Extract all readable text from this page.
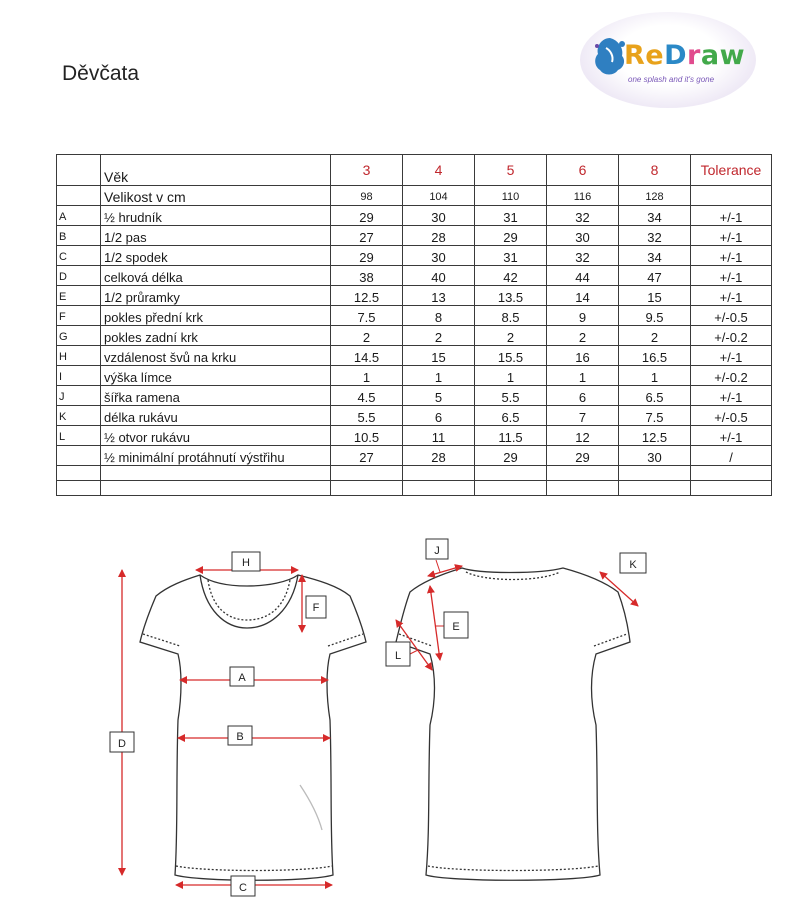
Děvčata
ReDraw
one splash and it's gone
	Věk	3	4	5	6	8	Tolerance
	Velikost v cm	98	104	110	116	128	
A	½ hrudník	29	30	31	32	34	+/-1
B	1/2 pas	27	28	29	30	32	+/-1
C	1/2 spodek	29	30	31	32	34	+/-1
D	celková délka	38	40	42	44	47	+/-1
E	1/2 průramky	12.5	13	13.5	14	15	+/-1
F	pokles přední krk	7.5	8	8.5	9	9.5	+/-0.5
G	pokles zadní krk	2	2	2	2	2	+/-0.2
H	vzdálenost švů na krku	14.5	15	15.5	16	16.5	+/-1
I	výška límce	1	1	1	1	1	+/-0.2
J	šířka ramena	4.5	5	5.5	6	6.5	+/-1
K	délka rukávu	5.5	6	6.5	7	7.5	+/-0.5
L	½ otvor rukávu	10.5	11	11.5	12	12.5	+/-1
	½ minimální protáhnutí výstřihu	27	28	29	29	30	/

H
F
A
B
D
C
J
K
E
L
